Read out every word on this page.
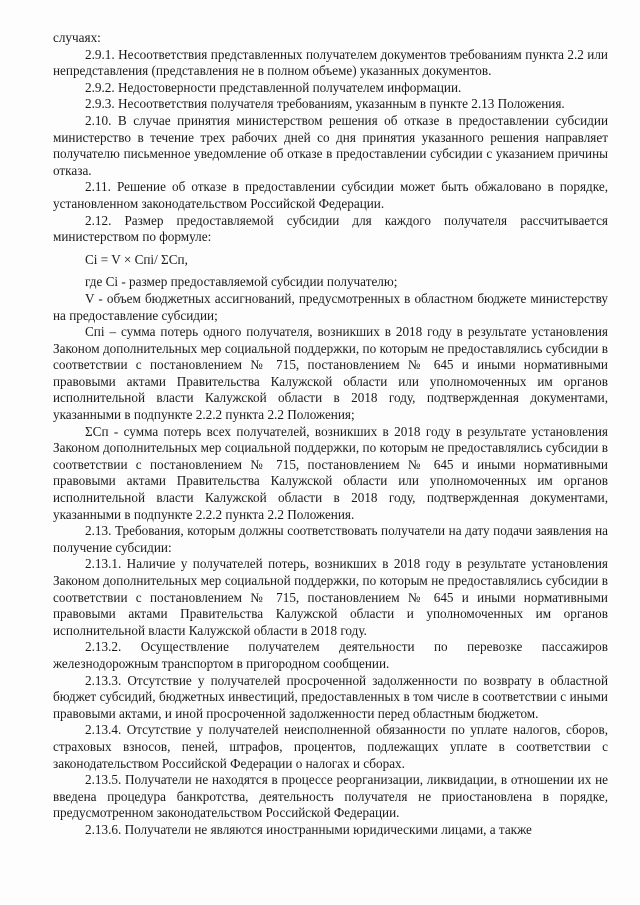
случаях:

2.9.1. Несоответствия представленных получателем документов требованиям пункта 2.2 или непредставления (представления не в полном объеме) указанных документов.

2.9.2. Недостоверности представленной получателем информации.

2.9.3. Несоответствия получателя требованиям, указанным в пункте 2.13 Положения.

2.10. В случае принятия министерством решения об отказе в предоставлении субсидии министерство в течение трех рабочих дней со дня принятия указанного решения направляет получателю письменное уведомление об отказе в предоставлении субсидии с указанием причины отказа.

2.11. Решение об отказе в предоставлении субсидии может быть обжаловано в порядке, установленном законодательством Российской Федерации.

2.12. Размер предоставляемой субсидии для каждого получателя рассчитывается министерством по формуле:

Ci = V × Cпi/ ΣCп,

где Ci - размер предоставляемой субсидии получателю;

V - объем бюджетных ассигнований, предусмотренных в областном бюджете министерству на предоставление субсидии;

Cпi – сумма потерь одного получателя, возникших в 2018 году в результате установления Законом дополнительных мер социальной поддержки, по которым не предоставлялись субсидии в соответствии с постановлением № 715, постановлением № 645 и иными нормативными правовыми актами Правительства Калужской области или уполномоченных им органов исполнительной власти Калужской области в 2018 году, подтвержденная документами, указанными в подпункте 2.2.2 пункта 2.2 Положения;

ΣCп - сумма потерь всех получателей, возникших в 2018 году в результате установления Законом дополнительных мер социальной поддержки, по которым не предоставлялись субсидии в соответствии с постановлением № 715, постановлением № 645 и иными нормативными правовыми актами Правительства Калужской области или уполномоченных им органов исполнительной власти Калужской области в 2018 году, подтвержденная документами, указанными в подпункте 2.2.2 пункта 2.2 Положения.

2.13. Требования, которым должны соответствовать получатели на дату подачи заявления на получение субсидии:

2.13.1. Наличие у получателей потерь, возникших в 2018 году в результате установления Законом дополнительных мер социальной поддержки, по которым не предоставлялись субсидии в соответствии с постановлением № 715, постановлением № 645 и иными нормативными правовыми актами Правительства Калужской области и уполномоченных им органов исполнительной власти Калужской области в 2018 году.

2.13.2. Осуществление получателем деятельности по перевозке пассажиров железнодорожным транспортом в пригородном сообщении.

2.13.3. Отсутствие у получателей просроченной задолженности по возврату в областной бюджет субсидий, бюджетных инвестиций, предоставленных в том числе в соответствии с иными правовыми актами, и иной просроченной задолженности перед областным бюджетом.

2.13.4. Отсутствие у получателей неисполненной обязанности по уплате налогов, сборов, страховых взносов, пеней, штрафов, процентов, подлежащих уплате в соответствии с законодательством Российской Федерации о налогах и сборах.

2.13.5. Получатели не находятся в процессе реорганизации, ликвидации, в отношении их не введена процедура банкротства, деятельность получателя не приостановлена в порядке, предусмотренном законодательством Российской Федерации.

2.13.6. Получатели не являются иностранными юридическими лицами, а также
